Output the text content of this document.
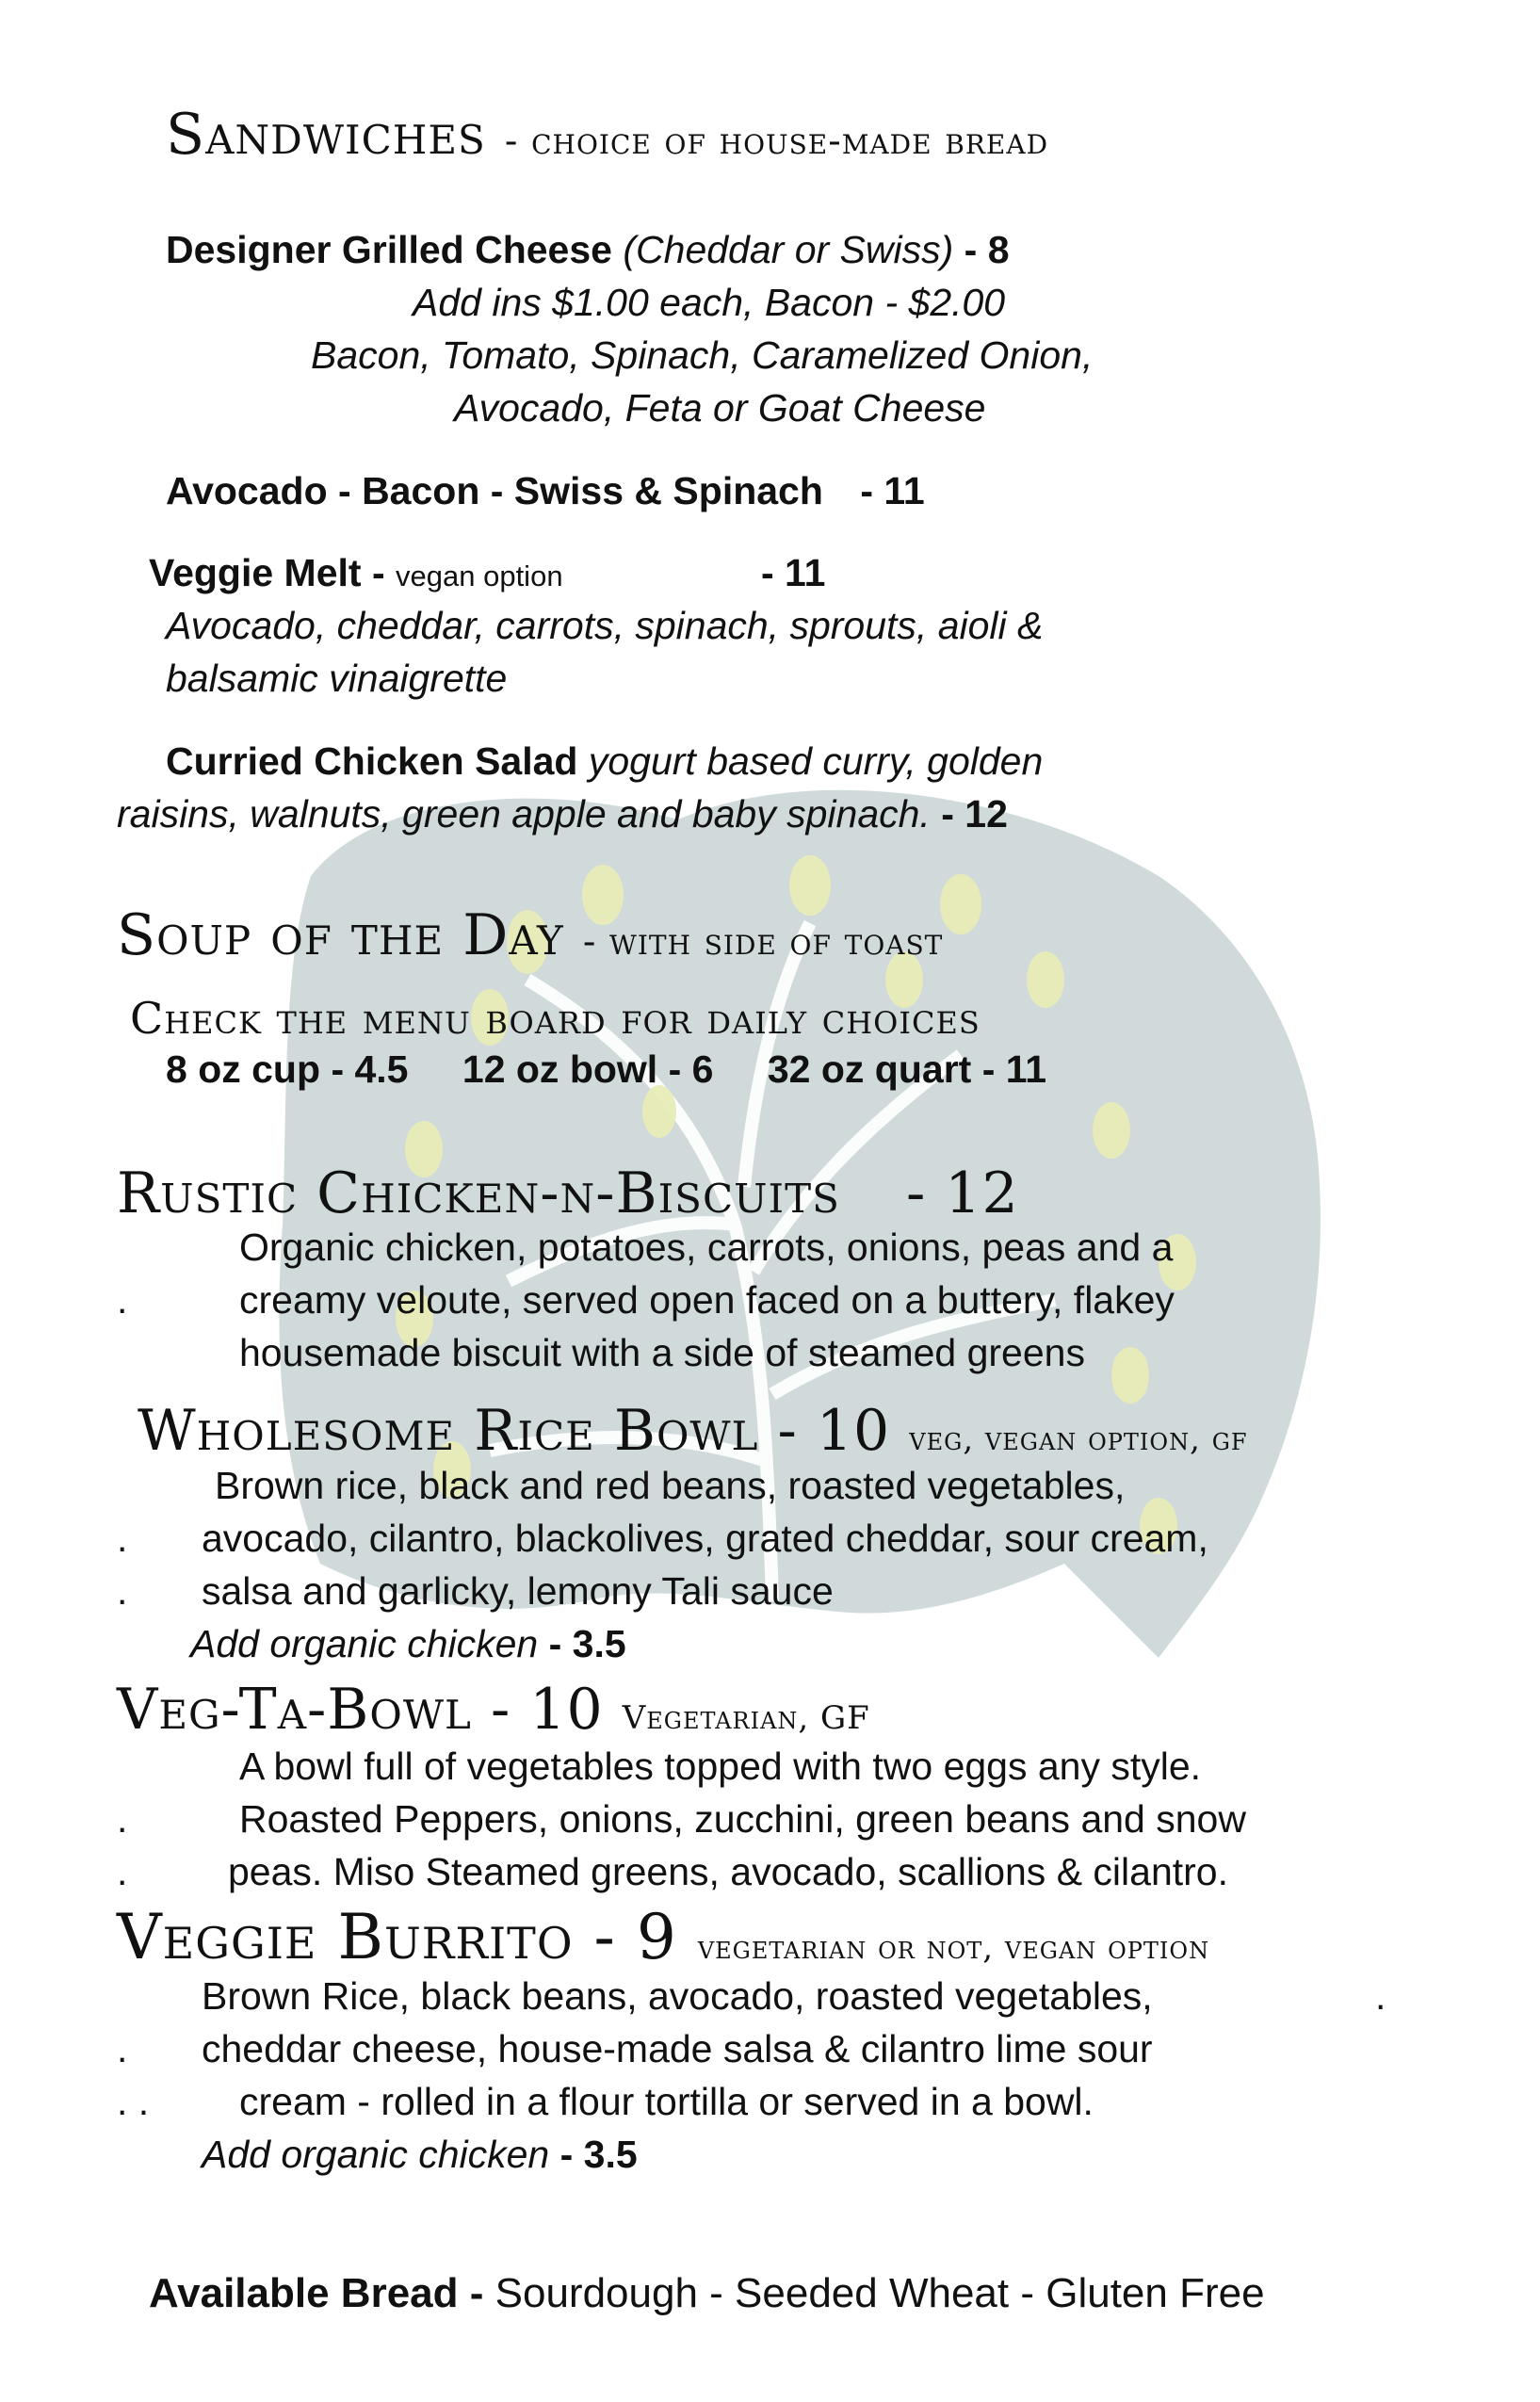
Sandwiches - choice of house-made bread
Designer Grilled Cheese (Cheddar or Swiss) - 8
Add ins $1.00 each, Bacon - $2.00
Bacon, Tomato, Spinach, Caramelized Onion,
Avocado, Feta or Goat Cheese
Avocado - Bacon - Swiss & Spinach - 11
Veggie Melt - vegan option	- 11
Avocado, cheddar, carrots, spinach, sprouts, aioli &
balsamic vinaigrette
Curried Chicken Salad yogurt based curry, golden
raisins, walnuts, green apple and baby spinach. - 12
Soup of the Day - with side of toast
Check the menu board for daily choices
8 oz cup - 4.5 12 oz bowl - 6 32 oz quart - 11
Rustic Chicken-n-Biscuits - 12
Organic chicken, potatoes, carrots, onions, peas and a
.	creamy veloute, served open faced on a buttery, flakey
housemade biscuit with a side of steamed greens
Wholesome Rice Bowl - 10 veg, vegan option, gf
Brown rice, black and red beans, roasted vegetables,
. avocado, cilantro, blackolives, grated cheddar, sour cream,
. salsa and garlicky, lemony Tali sauce
Add organic chicken - 3.5
Veg-Ta-Bowl - 10 Vegetarian, GF
A bowl full of vegetables topped with two eggs any style.
.	Roasted Peppers, onions, zucchini, green beans and snow
.	peas. Miso Steamed greens, avocado, scallions & cilantro.
Veggie Burrito - 9 vegetarian or not, vegan option
Brown Rice, black beans, avocado, roasted vegetables,	.
. cheddar cheese, house-made salsa & cilantro lime sour
. . cream - rolled in a flour tortilla or served in a bowl.
Add organic chicken - 3.5
Available Bread - Sourdough - Seeded Wheat - Gluten Free
